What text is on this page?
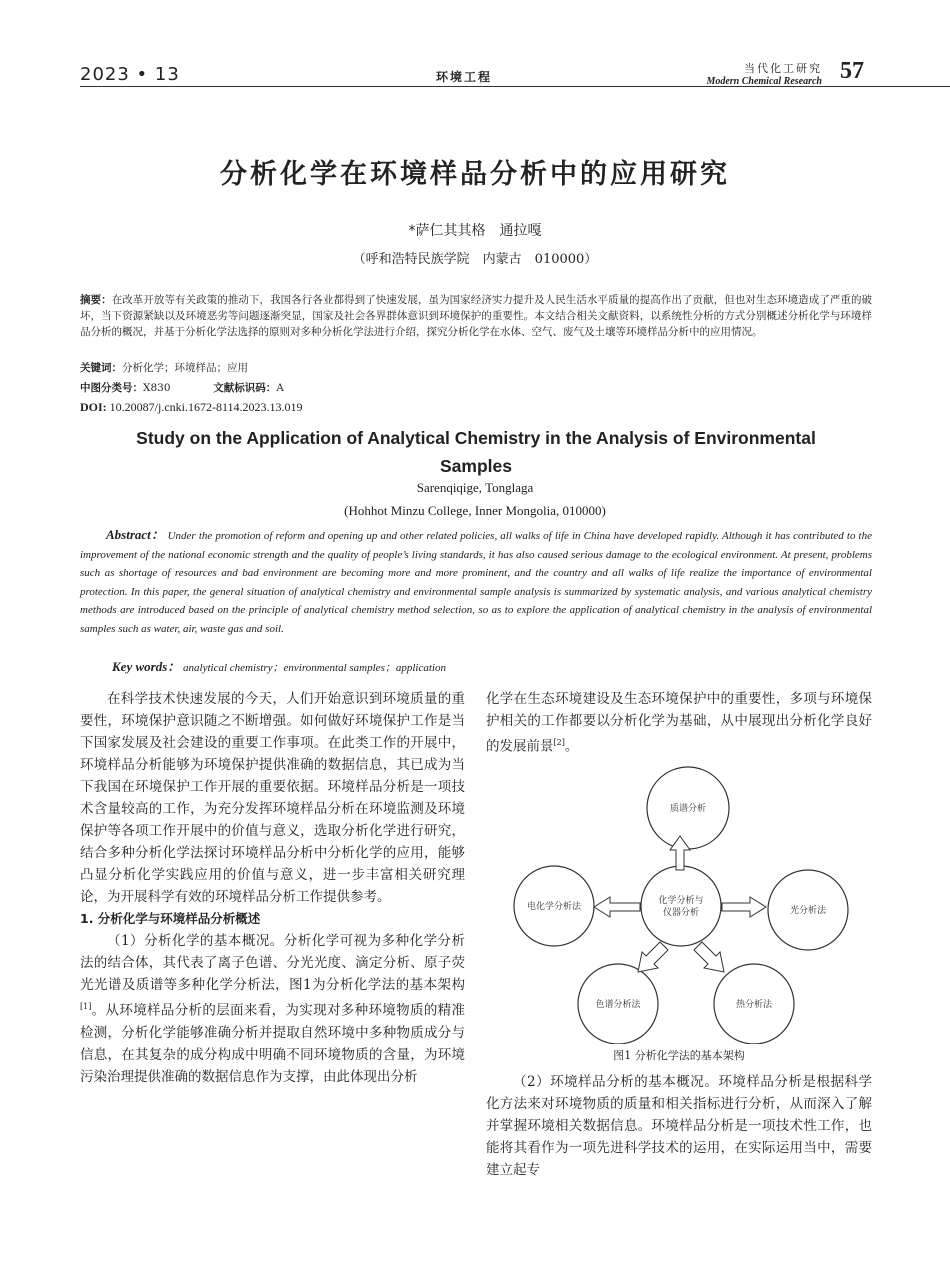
2023 • 13	环境工程
当代化工研究
Modern Chemical Research 57
分析化学在环境样品分析中的应用研究
*萨仁其其格　通拉嘎
（呼和浩特民族学院　内蒙古　010000）
摘要：在改革开放等有关政策的推动下，我国各行各业都得到了快速发展，虽为国家经济实力提升及人民生活水平质量的提高作出了贡献，但也对生态环境造成了严重的破坏，当下资源紧缺以及环境恶劣等问题逐渐突显，国家及社会各界群体意识到环境保护的重要性。本文结合相关文献资料，以系统性分析的方式分别概述分析化学与环境样品分析的概况，并基于分析化学法选择的原则对多种分析化学法进行介绍，探究分析化学在水体、空气、废气及土壤等环境样品分析中的应用情况。
关键词：分析化学；环境样品；应用
中图分类号：X830	文献标识码：A
DOI: 10.20087/j.cnki.1672-8114.2023.13.019
Study on the Application of Analytical Chemistry in the Analysis of Environmental
Samples
Sarenqiqige, Tonglaga
(Hohhot Minzu College, Inner Mongolia, 010000)
Abstract： Under the promotion of reform and opening up and other related policies, all walks of life in China have developed rapidly. Although it has contributed to the improvement of the national economic strength and the quality of people’s living standards, it has also caused serious damage to the ecological environment. At present, problems such as shortage of resources and bad environment are becoming more and more prominent, and the country and all walks of life realize the importance of environmental protection. In this paper, the general situation of analytical chemistry and environmental sample analysis is summarized by systematic analysis, and various analytical chemistry methods are introduced based on the principle of analytical chemistry method selection, so as to explore the application of analytical chemistry in the analysis of environmental samples such as water, air, waste gas and soil.
Key words： analytical chemistry；environmental samples；application

在科学技术快速发展的今天，人们开始意识到环境质量的重要性，环境保护意识随之不断增强。如何做好环境保护工作是当下国家发展及社会建设的重要工作事项。在此类工作的开展中，环境样品分析能够为环境保护提供准确的数据信息，其已成为当下我国在环境保护工作开展的重要依据。环境样品分析是一项技术含量较高的工作，为充分发挥环境样品分析在环境监测及环境保护等各项工作开展中的价值与意义，选取分析化学进行研究，结合多种分析化学法探讨环境样品分析中分析化学的应用，能够凸显分析化学实践应用的价值与意义，进一步丰富相关研究理论，为开展科学有效的环境样品分析工作提供参考。

1. 分析化学与环境样品分析概述

（1）分析化学的基本概况。分析化学可视为多种化学分析法的结合体，其代表了离子色谱、分光光度、滴定分析、原子荧光光谱及质谱等多种化学分析法，图1为分析化学法的基本架构[1]。从环境样品分析的层面来看，为实现对多种环境物质的精准检测，分析化学能够准确分析并提取自然环境中多种物质成分与信息，在其复杂的成分构成中明确不同环境物质的含量，为环境污染治理提供准确的数据信息作为支撑，由此体现出分析

化学在生态环境建设及生态环境保护中的重要性，多项与环境保护相关的工作都要以分析化学为基础，从中展现出分析化学良好的发展前景[2]。

质谱分析
化学分析与
仪器分析
电化学分析法	光分析法
色谱分析法	热分析法
图1 分析化学法的基本架构

（2）环境样品分析的基本概况。环境样品分析是根据科学化方法来对环境物质的质量和相关指标进行分析，从而深入了解并掌握环境相关数据信息。环境样品分析是一项技术性工作，也能将其看作为一项先进科学技术的运用，在实际运用当中，需要建立起专
